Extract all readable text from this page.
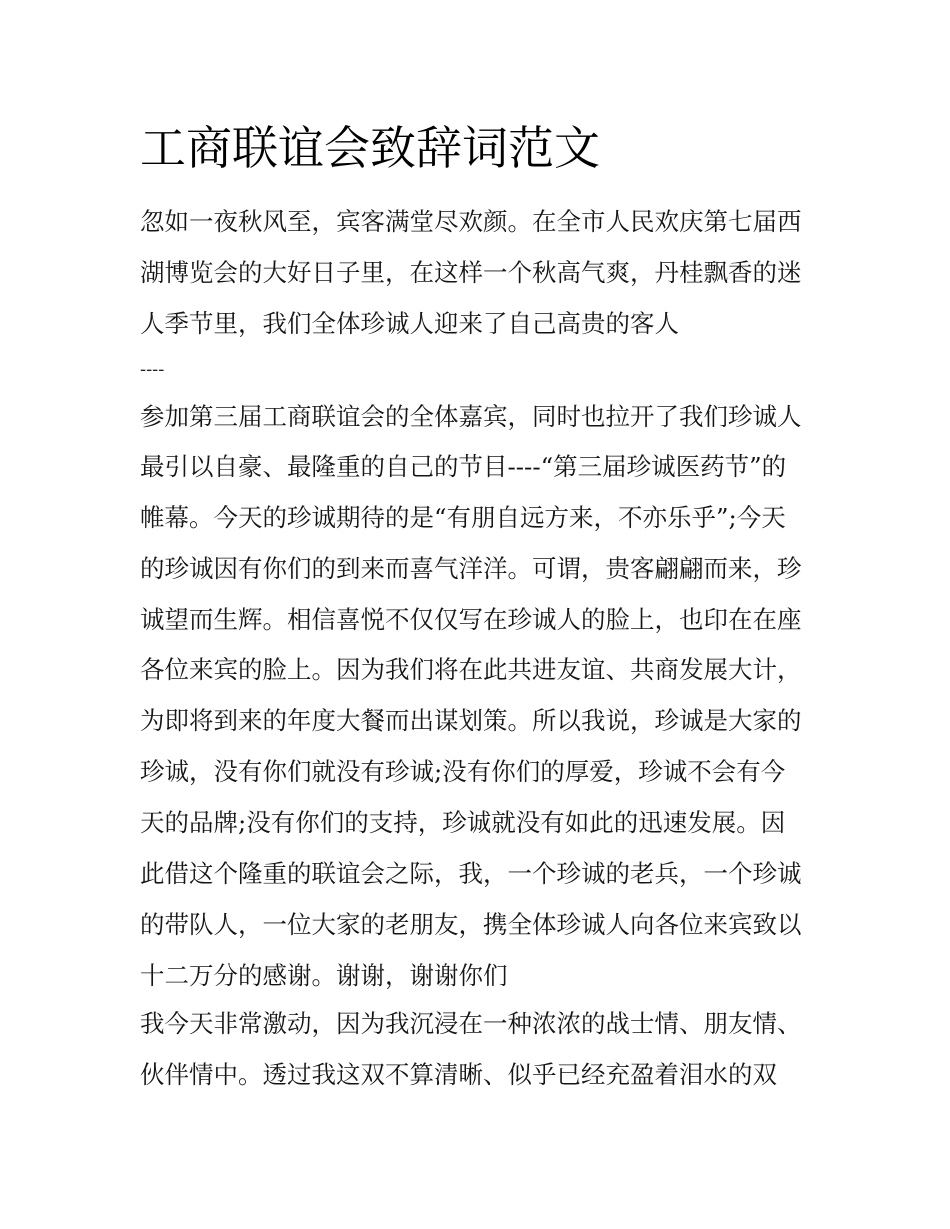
工商联谊会致辞词范文
忽如一夜秋风至，宾客满堂尽欢颜。在全市人民欢庆第七届西
湖博览会的大好日子里，在这样一个秋高气爽，丹桂飘香的迷
人季节里，我们全体珍诚人迎来了自己高贵的客人
----
参加第三届工商联谊会的全体嘉宾，同时也拉开了我们珍诚人
最引以自豪、最隆重的自己的节目----“第三届珍诚医药节”的
帷幕。今天的珍诚期待的是“有朋自远方来，不亦乐乎”;今天
的珍诚因有你们的到来而喜气洋洋。可谓，贵客翩翩而来，珍
诚望而生辉。相信喜悦不仅仅写在珍诚人的脸上，也印在在座
各位来宾的脸上。因为我们将在此共进友谊、共商发展大计，
为即将到来的年度大餐而出谋划策。所以我说，珍诚是大家的
珍诚，没有你们就没有珍诚;没有你们的厚爱，珍诚不会有今
天的品牌;没有你们的支持，珍诚就没有如此的迅速发展。因
此借这个隆重的联谊会之际，我，一个珍诚的老兵，一个珍诚
的带队人，一位大家的老朋友，携全体珍诚人向各位来宾致以
十二万分的感谢。谢谢，谢谢你们
我今天非常激动，因为我沉浸在一种浓浓的战士情、朋友情、
伙伴情中。透过我这双不算清晰、似乎已经充盈着泪水的双
